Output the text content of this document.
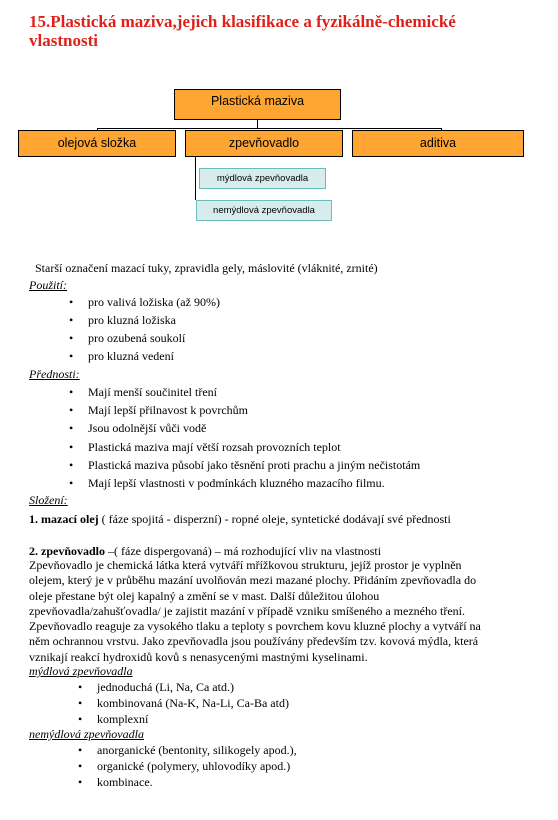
15.Plastická maziva,jejich klasifikace a fyzikálně-chemické
vlastnosti
Plastická maziva
olejová složka	zpevňovadlo	aditiva
mýdlová zpevňovadla
nemýdlová zpevňovadla
Starší označení mazací tuky, zpravidla gely, máslovité (vláknité, zrnité)
Použití:
• pro valivá ložiska (až 90%)
• pro kluzná ložiska
• pro ozubená soukolí
• pro kluzná vedení
Přednosti:
• Mají menší součinitel tření
• Mají lepší přilnavost k povrchům
• Jsou odolnější vůči vodě
• Plastická maziva mají větší rozsah provozních teplot
• Plastická maziva působí jako těsnění proti prachu a jiným nečistotám
• Mají lepší vlastnosti v podmínkách kluzného mazacího filmu.
Složení:
1. mazací olej ( fáze spojitá - disperzní) - ropné oleje, syntetické dodávají své přednosti
2. zpevňovadlo –( fáze dispergovaná) – má rozhodující vliv na vlastnosti
Zpevňovadlo je chemická látka která vytváří mřížkovou strukturu, jejíž prostor je vyplněn
olejem, který je v průběhu mazání uvolňován mezi mazané plochy. Přidáním zpevňovadla do
oleje přestane být olej kapalný a změní se v mast. Další důležitou úlohou
zpevňovadla/zahušťovadla/ je zajistit mazání v případě vzniku smíšeného a mezného tření.
Zpevňovadlo reaguje za vysokého tlaku a teploty s povrchem kovu kluzné plochy a vytváří na
něm ochrannou vrstvu. Jako zpevňovadla jsou používány především tzv. kovová mýdla, která
vznikají reakcí hydroxidů kovů s nenasycenými mastnými kyselinami.
mýdlová zpevňovadla
• jednoduchá (Li, Na, Ca atd.)
• kombinovaná (Na-K, Na-Li, Ca-Ba atd)
• komplexní
nemýdlová zpevňovadla
• anorganické (bentonity, silikogely apod.),
• organické (polymery, uhlovodíky apod.)
• kombinace.
